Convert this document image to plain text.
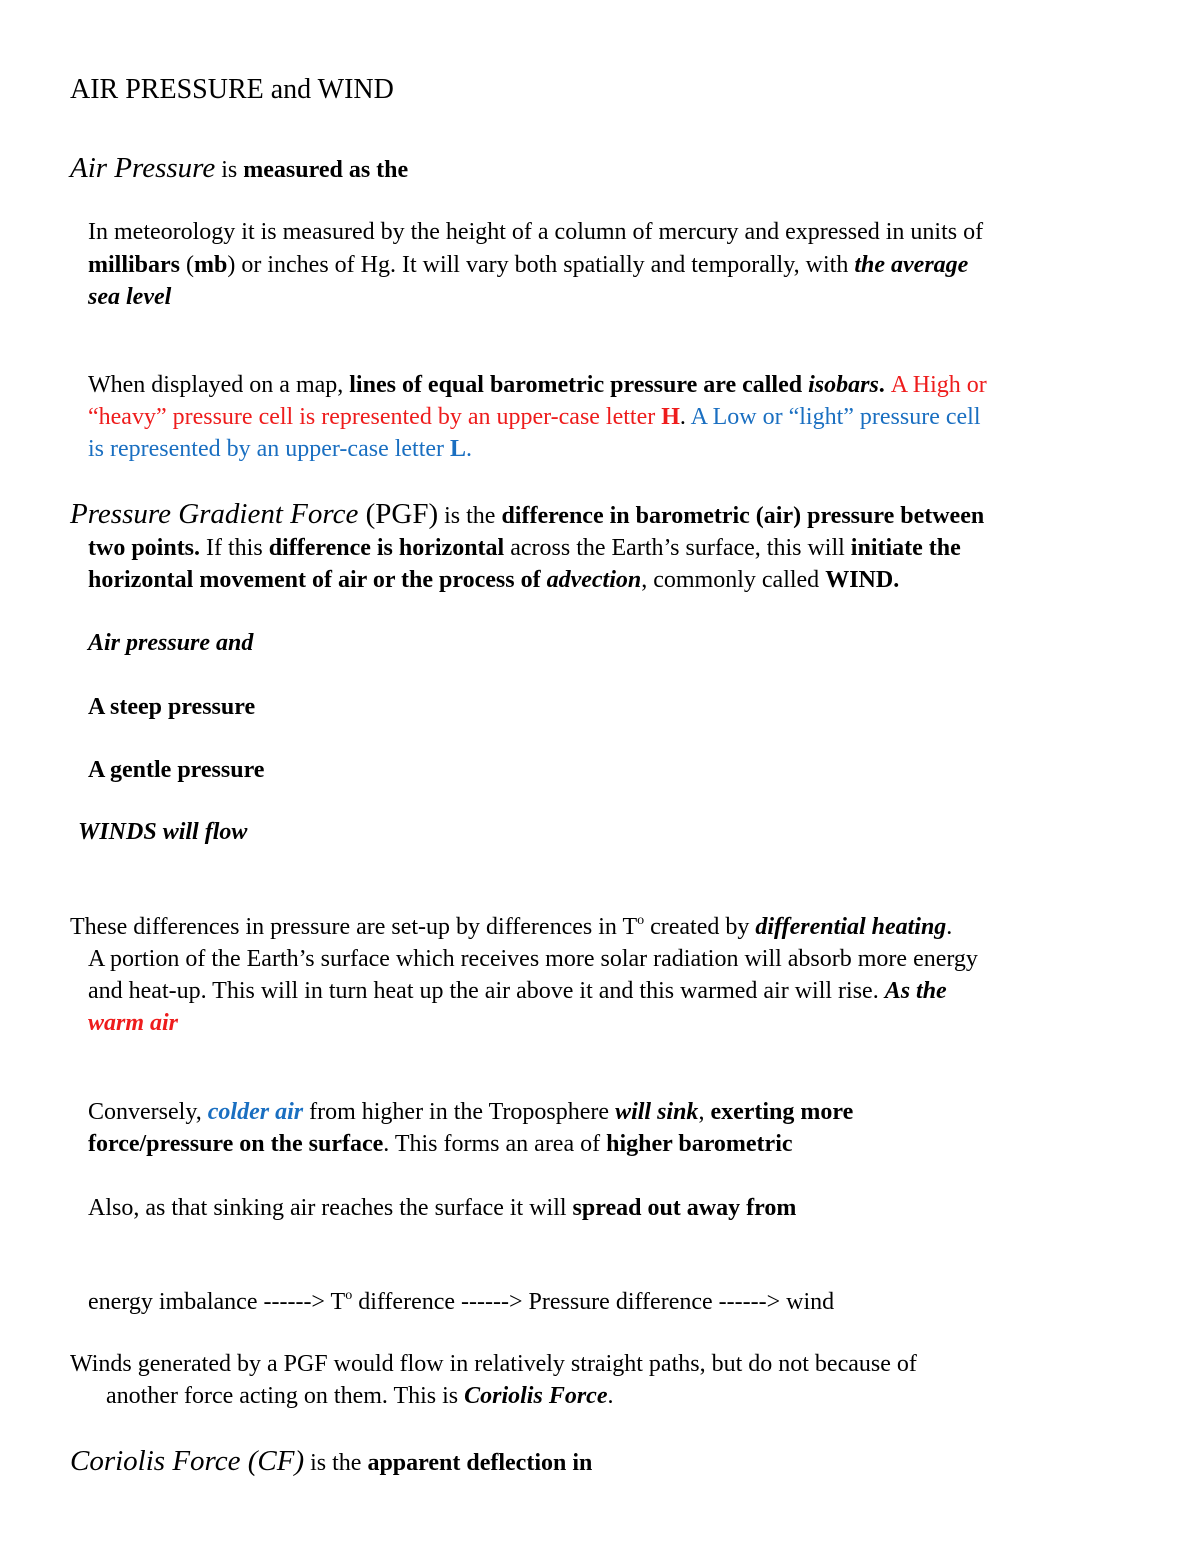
AIR PRESSURE and WIND
Air Pressure is measured as the
In meteorology it is measured by the height of a column of mercury and expressed in units of
millibars (mb) or inches of Hg. It will vary both spatially and temporally, with the average
sea level
When displayed on a map, lines of equal barometric pressure are called isobars. A High or
“heavy” pressure cell is represented by an upper-case letter H. A Low or “light” pressure cell
is represented by an upper-case letter L.
Pressure Gradient Force (PGF) is the difference in barometric (air) pressure between
two points. If this difference is horizontal across the Earth’s surface, this will initiate the
horizontal movement of air or the process of advection, commonly called WIND.
Air pressure and
A steep pressure
A gentle pressure
WINDS will flow
These differences in pressure are set-up by differences in $T^o$ created by differential heating.
A portion of the Earth’s surface which receives more solar radiation will absorb more energy
and heat-up. This will in turn heat up the air above it and this warmed air will rise. As the
warm air
Conversely, colder air from higher in the Troposphere will sink, exerting more
force/pressure on the surface. This forms an area of higher barometric
Also, as that sinking air reaches the surface it will spread out away from
energy imbalance ------> $T^o$ difference ------> Pressure difference ------> wind
Winds generated by a PGF would flow in relatively straight paths, but do not because of
another force acting on them. This is Coriolis Force.
Coriolis Force (CF) is the apparent deflection in
